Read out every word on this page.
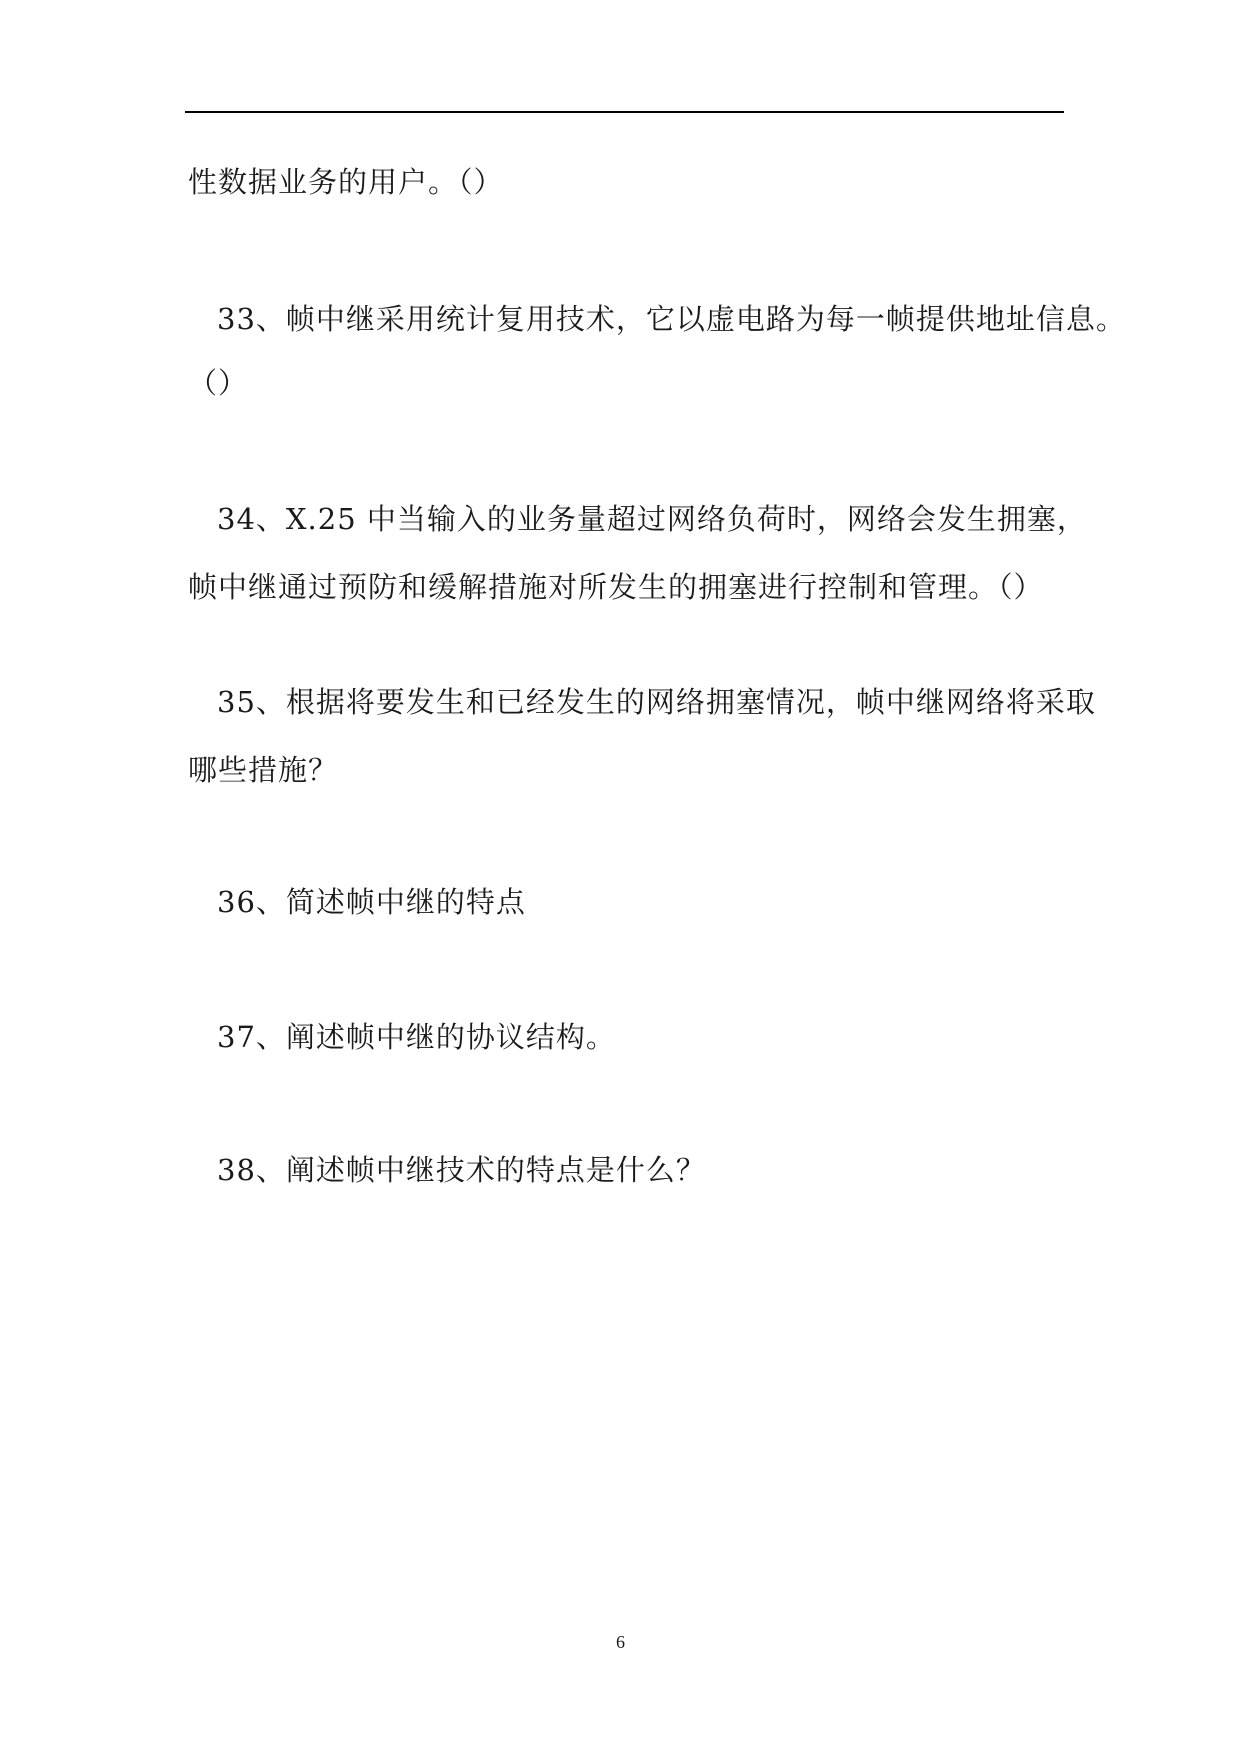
性数据业务的用户。（）
33、帧中继采用统计复用技术，它以虚电路为每一帧提供地址信息。
（）
34、X.25 中当输入的业务量超过网络负荷时，网络会发生拥塞，
帧中继通过预防和缓解措施对所发生的拥塞进行控制和管理。（）
35、根据将要发生和已经发生的网络拥塞情况，帧中继网络将采取
哪些措施？
36、简述帧中继的特点
37、阐述帧中继的协议结构。
38、阐述帧中继技术的特点是什么？
6
